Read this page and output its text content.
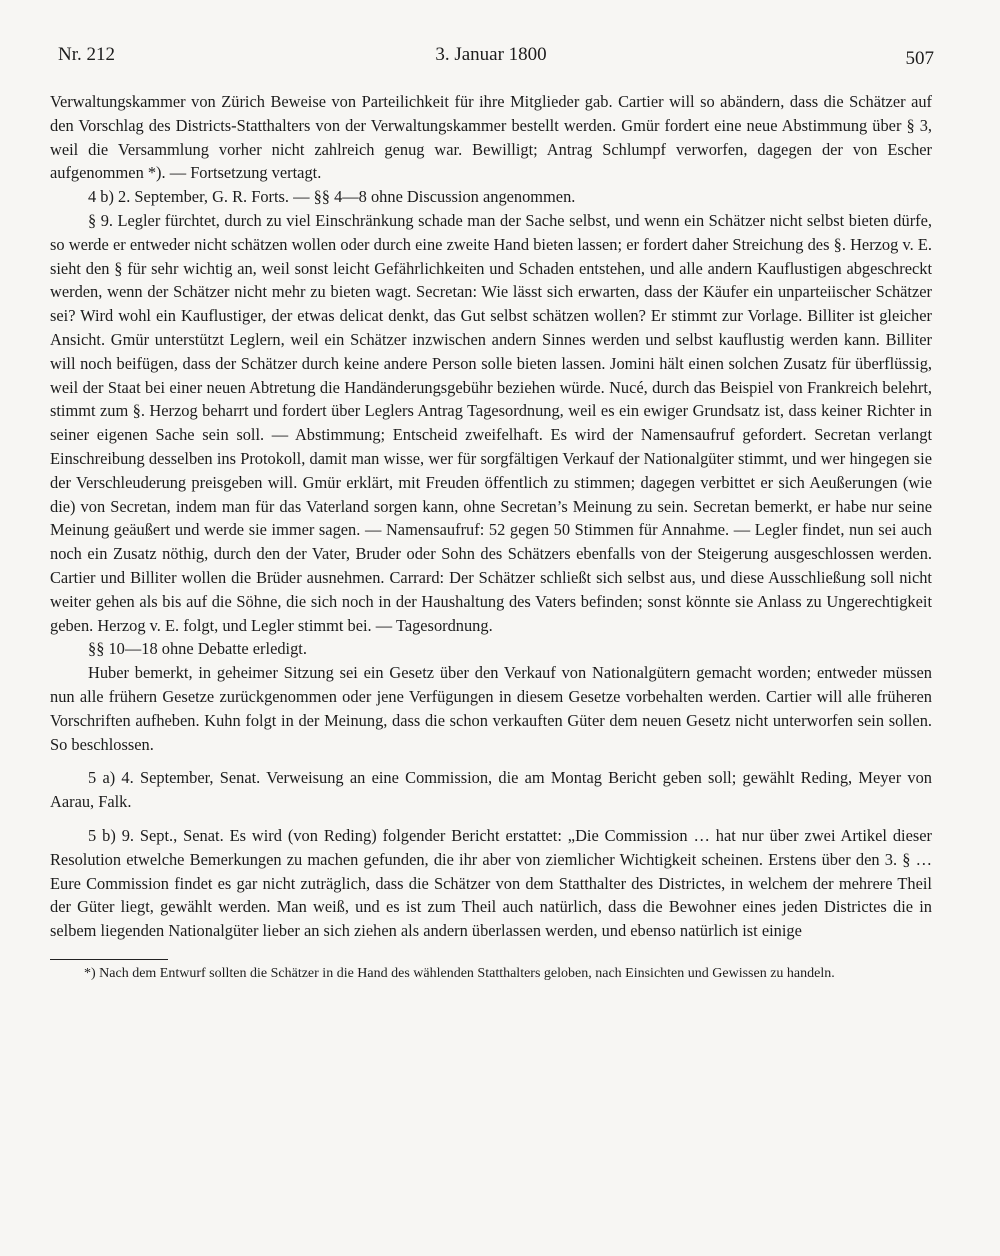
Nr. 212	3. Januar 1800	507

Verwaltungskammer von Zürich Beweise von Parteilichkeit für ihre Mitglieder gab. Cartier will so abändern, dass die Schätzer auf den Vorschlag des Districts-Statthalters von der Verwaltungskammer bestellt werden. Gmür fordert eine neue Abstimmung über § 3, weil die Versammlung vorher nicht zahlreich genug war. Bewilligt; Antrag Schlumpf verworfen, dagegen der von Escher aufgenommen *). — Fortsetzung vertagt.

4 b) 2. September, G. R. Forts. — §§ 4—8 ohne Discussion angenommen.

§ 9. Legler fürchtet, durch zu viel Einschränkung schade man der Sache selbst, und wenn ein Schätzer nicht selbst bieten dürfe, so werde er entweder nicht schätzen wollen oder durch eine zweite Hand bieten lassen; er fordert daher Streichung des §. Herzog v. E. sieht den § für sehr wichtig an, weil sonst leicht Gefährlichkeiten und Schaden entstehen, und alle andern Kauflustigen abgeschreckt werden, wenn der Schätzer nicht mehr zu bieten wagt. Secretan: Wie lässt sich erwarten, dass der Käufer ein unparteiischer Schätzer sei? Wird wohl ein Kauflustiger, der etwas delicat denkt, das Gut selbst schätzen wollen? Er stimmt zur Vorlage. Billiter ist gleicher Ansicht. Gmür unterstützt Leglern, weil ein Schätzer inzwischen andern Sinnes werden und selbst kauflustig werden kann. Billiter will noch beifügen, dass der Schätzer durch keine andere Person solle bieten lassen. Jomini hält einen solchen Zusatz für überflüssig, weil der Staat bei einer neuen Abtretung die Handänderungsgebühr beziehen würde. Nucé, durch das Beispiel von Frankreich belehrt, stimmt zum §. Herzog beharrt und fordert über Leglers Antrag Tagesordnung, weil es ein ewiger Grundsatz ist, dass keiner Richter in seiner eigenen Sache sein soll. — Abstimmung; Entscheid zweifelhaft. Es wird der Namensaufruf gefordert. Secretan verlangt Einschreibung desselben ins Protokoll, damit man wisse, wer für sorgfältigen Verkauf der Nationalgüter stimmt, und wer hingegen sie der Verschleuderung preisgeben will. Gmür erklärt, mit Freuden öffentlich zu stimmen; dagegen verbittet er sich Aeußerungen (wie die) von Secretan, indem man für das Vaterland sorgen kann, ohne Secretan’s Meinung zu sein. Secretan bemerkt, er habe nur seine Meinung geäußert und werde sie immer sagen. — Namensaufruf: 52 gegen 50 Stimmen für Annahme. — Legler findet, nun sei auch noch ein Zusatz nöthig, durch den der Vater, Bruder oder Sohn des Schätzers ebenfalls von der Steigerung ausgeschlossen werden. Cartier und Billiter wollen die Brüder ausnehmen. Carrard: Der Schätzer schließt sich selbst aus, und diese Ausschließung soll nicht weiter gehen als bis auf die Söhne, die sich noch in der Haushaltung des Vaters befinden; sonst könnte sie Anlass zu Ungerechtigkeit geben. Herzog v. E. folgt, und Legler stimmt bei. — Tagesordnung.

§§ 10—18 ohne Debatte erledigt.

Huber bemerkt, in geheimer Sitzung sei ein Gesetz über den Verkauf von Nationalgütern gemacht worden; entweder müssen nun alle frühern Gesetze zurückgenommen oder jene Verfügungen in diesem Gesetze vorbehalten werden. Cartier will alle früheren Vorschriften aufheben. Kuhn folgt in der Meinung, dass die schon verkauften Güter dem neuen Gesetz nicht unterworfen sein sollen. So beschlossen.

5 a) 4. September, Senat. Verweisung an eine Commission, die am Montag Bericht geben soll; gewählt Reding, Meyer von Aarau, Falk.

5 b) 9. Sept., Senat. Es wird (von Reding) folgender Bericht erstattet: „Die Commission … hat nur über zwei Artikel dieser Resolution etwelche Bemerkungen zu machen gefunden, die ihr aber von ziemlicher Wichtigkeit scheinen. Erstens über den 3. § … Eure Commission findet es gar nicht zuträglich, dass die Schätzer von dem Statthalter des Districtes, in welchem der mehrere Theil der Güter liegt, gewählt werden. Man weiß, und es ist zum Theil auch natürlich, dass die Bewohner eines jeden Districtes die in selbem liegenden Nationalgüter lieber an sich ziehen als andern überlassen werden, und ebenso natürlich ist einige

*) Nach dem Entwurf sollten die Schätzer in die Hand des wählenden Statthalters geloben, nach Einsichten und Gewissen zu handeln.
